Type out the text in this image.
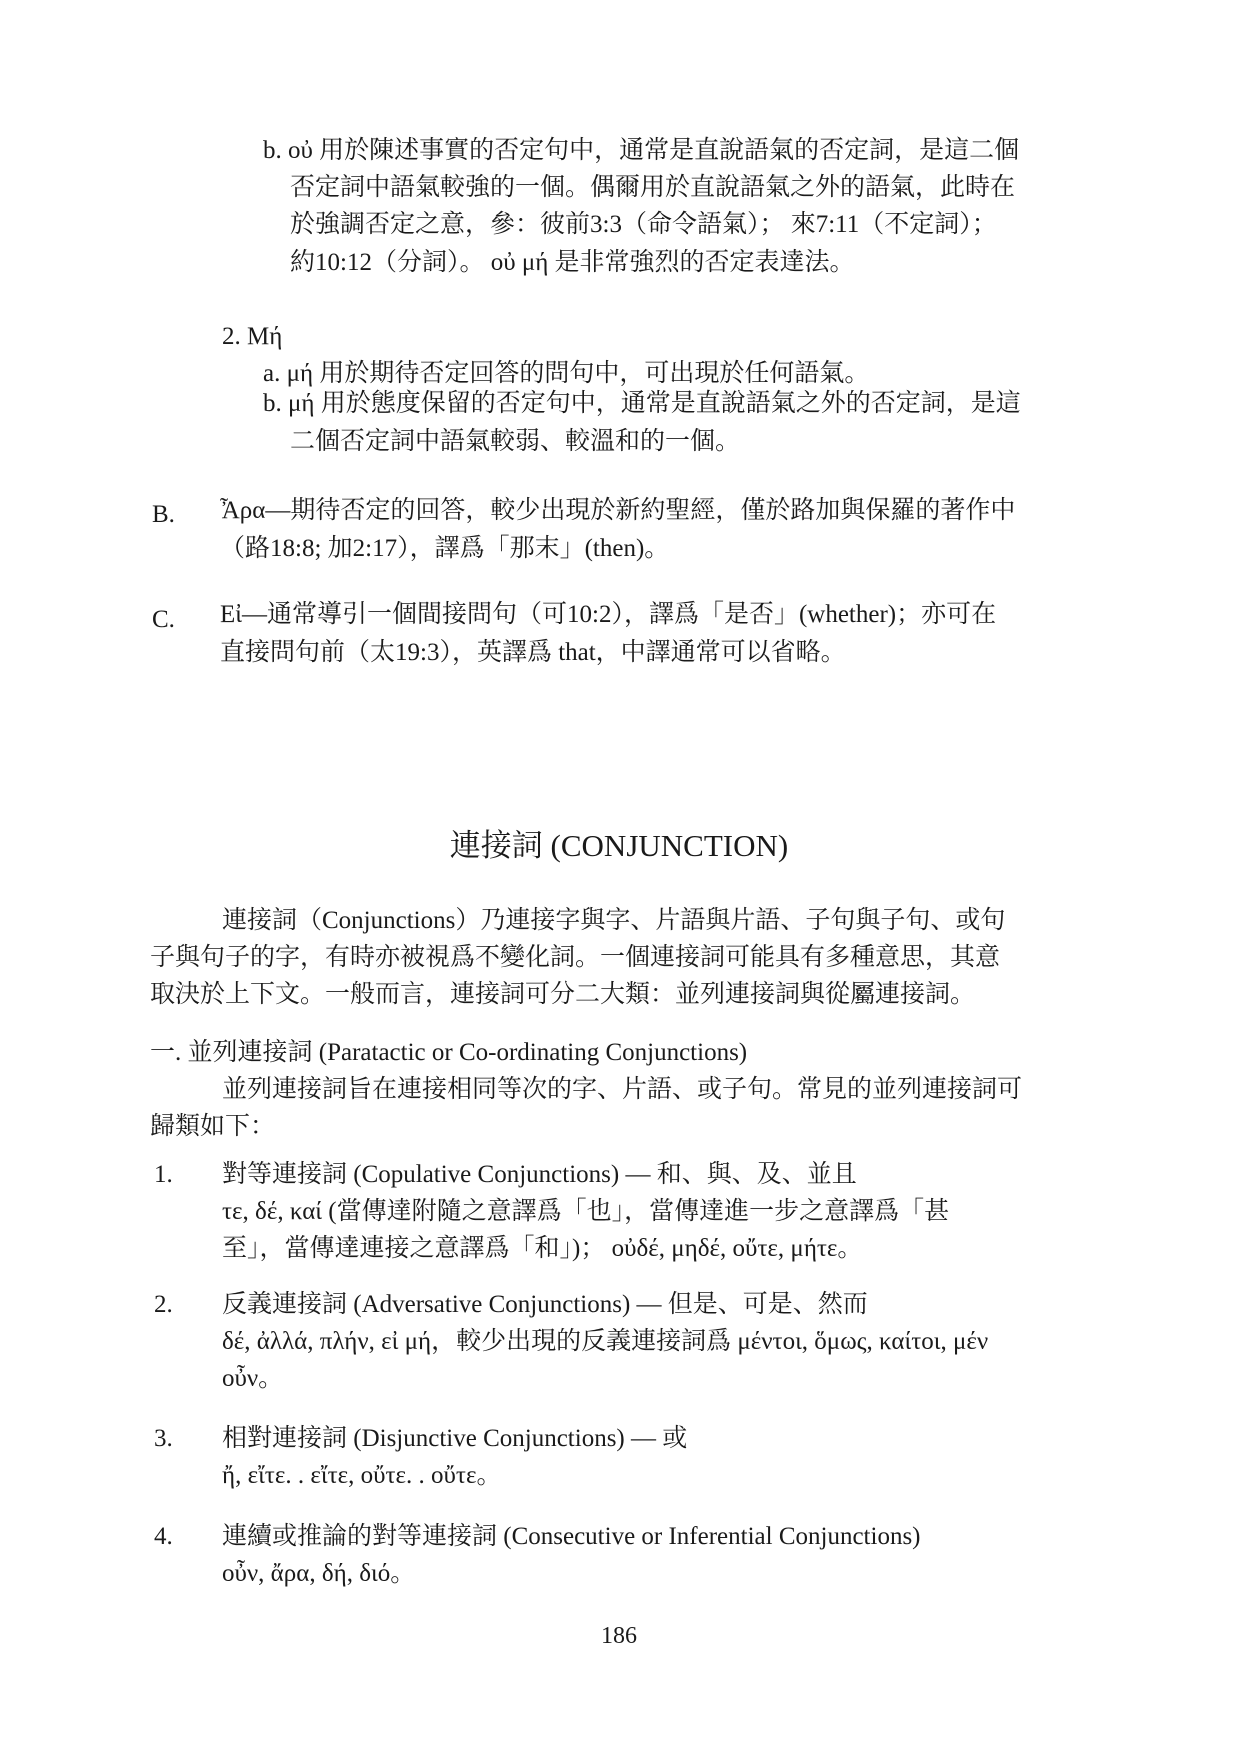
b. οὐ 用於陳述事實的否定句中，通常是直說語氣的否定詞，是這二個
否定詞中語氣較強的一個。偶爾用於直說語氣之外的語氣，此時在
於強調否定之意，參：彼前3:3（命令語氣）； 來7:11（不定詞）；
約10:12（分詞）。 οὐ μή 是非常強烈的否定表達法。
2. Μή
a. μή 用於期待否定回答的問句中，可出現於任何語氣。
b. μή 用於態度保留的否定句中，通常是直說語氣之外的否定詞，是這
二個否定詞中語氣較弱、較溫和的一個。
B. Ἆρα—期待否定的回答，較少出現於新約聖經，僅於路加與保羅的著作中
（路18:8; 加2:17），譯爲「那末」(then)。
C. Εἰ—通常導引一個間接問句（可10:2），譯爲「是否」(whether)；亦可在
直接問句前（太19:3），英譯爲 that，中譯通常可以省略。
連接詞 (CONJUNCTION)
連接詞（Conjunctions）乃連接字與字、片語與片語、子句與子句、或句
子與句子的字，有時亦被視爲不變化詞。一個連接詞可能具有多種意思，其意
取決於上下文。一般而言，連接詞可分二大類：並列連接詞與從屬連接詞。
一. 並列連接詞 (Paratactic or Co-ordinating Conjunctions)
並列連接詞旨在連接相同等次的字、片語、或子句。常見的並列連接詞可
歸類如下：
1. 對等連接詞 (Copulative Conjunctions) — 和、與、及、並且
τε, δέ, καί (當傳達附隨之意譯爲「也」，當傳達進一步之意譯爲「甚
至」，當傳達連接之意譯爲「和」)； οὐδέ, μηδέ, οὔτε, μήτε。
2. 反義連接詞 (Adversative Conjunctions) — 但是、可是、然而
δέ, ἀλλά, πλήν, εἰ μή，較少出現的反義連接詞爲 μέντοι, ὅμως, καίτοι, μέν
οὖν。
3. 相對連接詞 (Disjunctive Conjunctions) — 或
ἤ, εἴτε. . εἴτε, οὔτε. . οὔτε。
4. 連續或推論的對等連接詞 (Consecutive or Inferential Conjunctions)
οὖν, ἄρα, δή, διό。
186
